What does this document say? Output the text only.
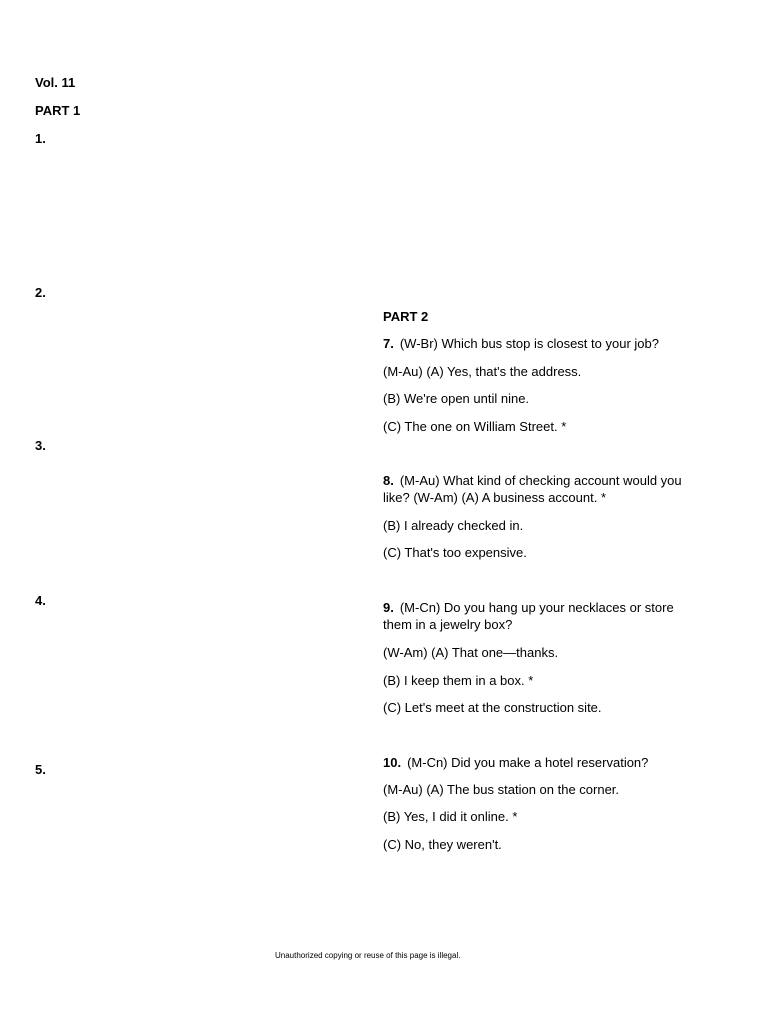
Vol. 11
PART 1
1.
2.
3.
4.
5.
PART 2
7. (W-Br) Which bus stop is closest to your job?
(M-Au) (A) Yes, that's the address.
(B) We're open until nine.
(C) The one on William Street. *
8. (M-Au) What kind of checking account would you like? (W-Am) (A) A business account. *
(B) I already checked in.
(C) That's too expensive.
9. (M-Cn) Do you hang up your necklaces or store them in a jewelry box?
(W-Am) (A) That one—thanks.
(B) I keep them in a box. *
(C) Let's meet at the construction site.
10. (M-Cn) Did you make a hotel reservation?
(M-Au) (A) The bus station on the corner.
(B) Yes, I did it online. *
(C) No, they weren't.
Unauthorized copying or reuse of this page is illegal.
